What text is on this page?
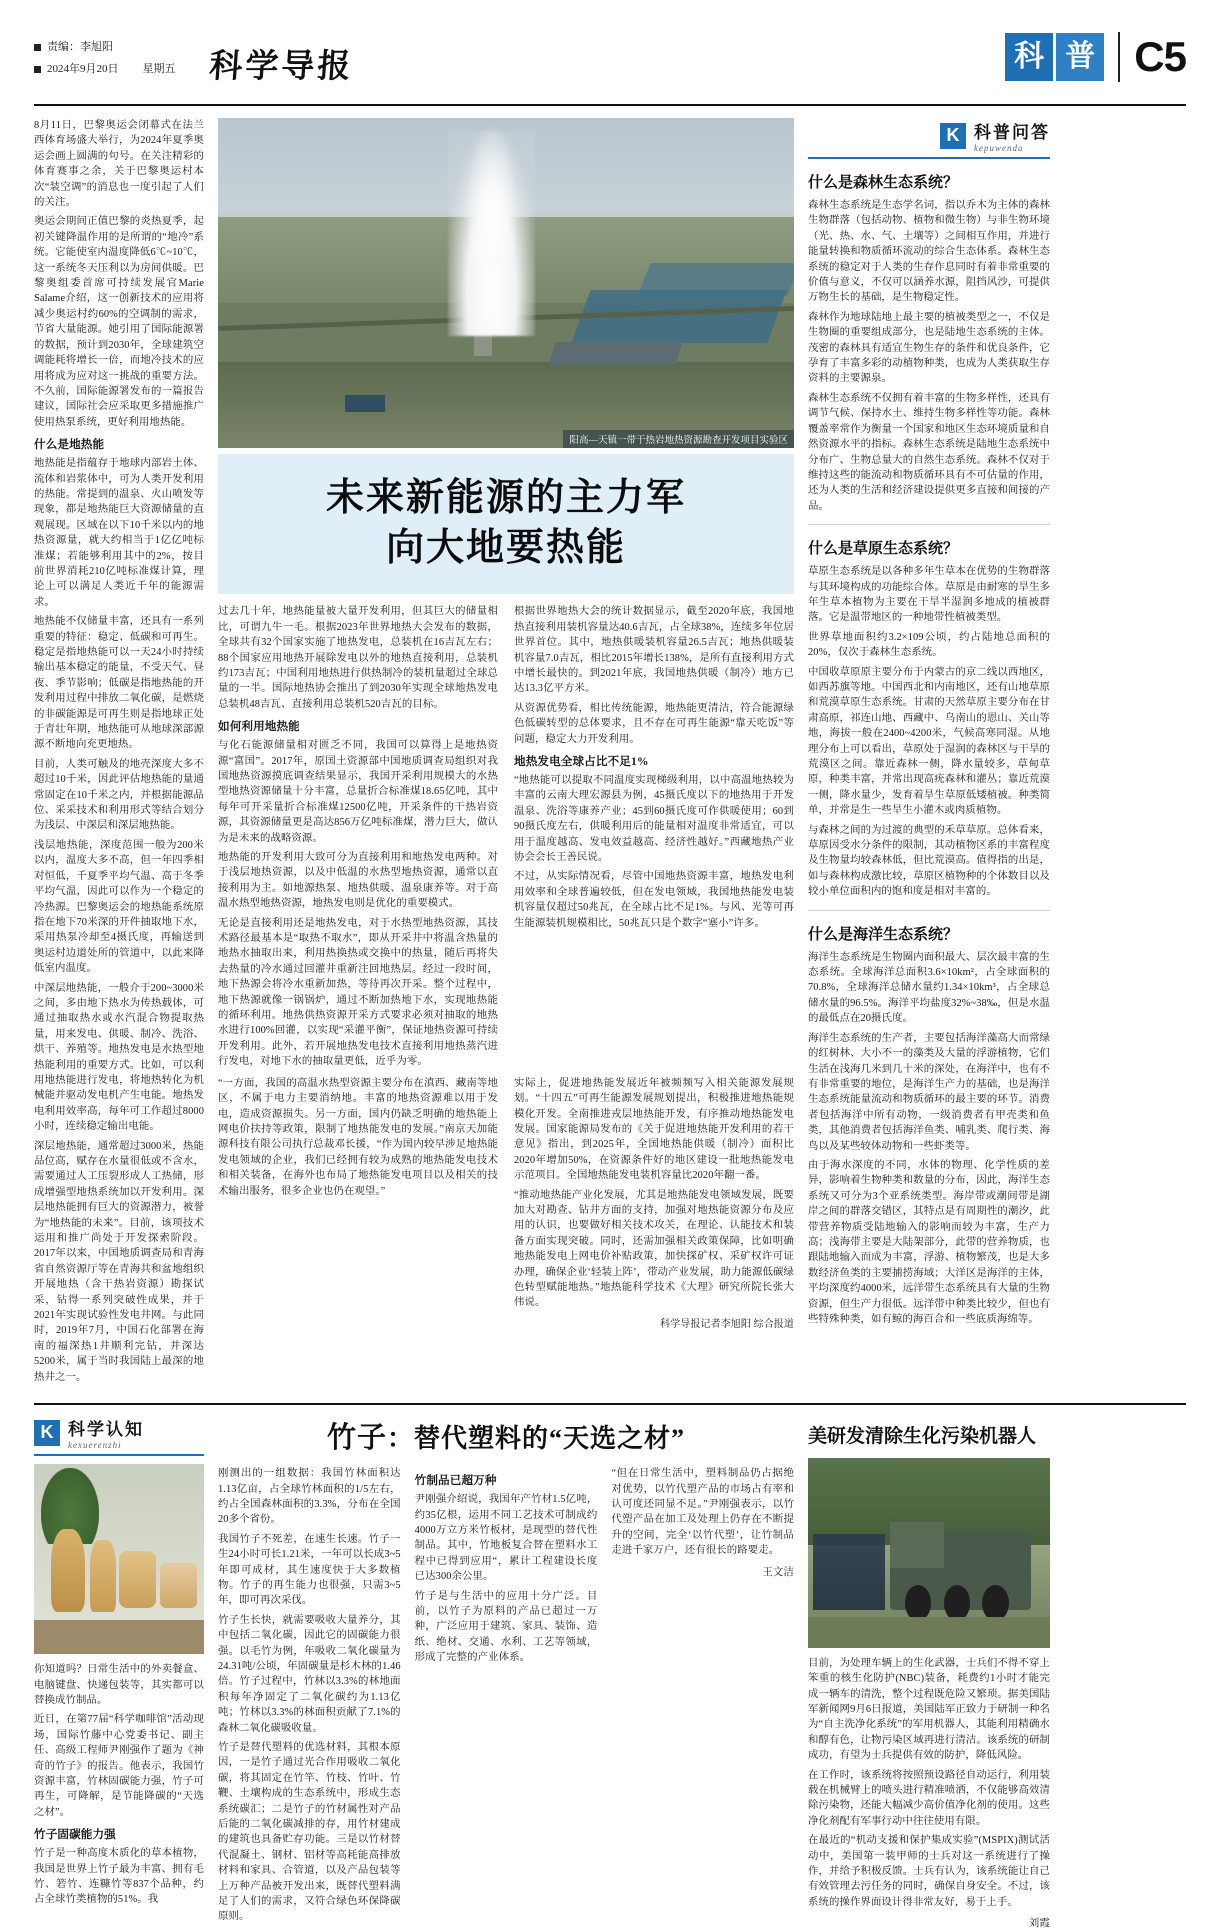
责编：李旭阳
2024年9月20日 星期五 科学导报	科 普 C5

8月11日，巴黎奥运会闭幕式在法兰西体育场盛大举行，为2024年夏季奥运会画上圆满的句号。在关注精彩的体育赛事之余，关于巴黎奥运村本次“装空调”的消息也一度引起了人们的关注。

奥运会期间正值巴黎的炎热夏季，起初关键降温作用的是所谓的“地冷”系统。它能使室内温度降低6℃~10℃，这一系统冬天压利以为房间供暖。巴黎奥组委首席可持续发展官Marie Salame介绍，这一创新技术的应用将减少奥运村约60%的空调制的需求，节省大量能源。她引用了国际能源署的数据，预计到2030年，全球建筑空调能耗将增长一倍，而地冷技术的应用将成为应对这一挑战的重要方法。不久前，国际能源署发布的一篇报告建议，国际社会应采取更多措施推广使用热泵系统，更好利用地热能。

什么是地热能

地热能是指蕴存于地球内部岩土体、流体和岩浆体中，可为人类开发利用的热能。常提到的温泉、火山喷发等现象，都是地热能巨大资源储量的直观展现。区域在以下10千米以内的地热资源量，就大约相当于1亿亿吨标准煤；若能够利用其中的2%，按目前世界消耗210亿吨标准煤计算，理论上可以满足人类近千年的能源需求。

地热能不仅储量丰富，还具有一系列重要的特征：稳定、低碳和可再生。稳定是指地热能可以一天24小时持续输出基本稳定的能量，不受天气、昼夜、季节影响；低碳是指地热能的开发利用过程中排放二氧化碳，是燃烧的非碳能源是可再生则是指地球正处于青壮年期，地热能可从地球深部源源不断地向充更地热。

目前，人类可触及的地壳深度大多不超过10千米，因此评估地热能的量通常固定在10千米之内，并根据能源品位、采采技术和利用形式等结合划分为浅层、中深层和深层地热能。

浅层地热能，深度范围一般为200米以内，温度大多不高，但一年四季相对恒低，千夏季平均气温、高于冬季平均气温，因此可以作为一个稳定的冷热源。巴黎奥运会的地热能系统原指在地下70米深的开件抽取地下水，采用热泵冷却至4摄氏度，再输送到奥运村边道处所的管道中，以此来降低室内温度。

中深层地热能，一般介于200~3000米之间，多由地下热水为传热载体，可通过抽取热水或水汽混合物提取热量，用来发电、供暖、制冷、洗浴、烘干、养殖等。地热发电是水热型地热能利用的重要方式。比如，可以利用地热能进行发电，将地热转化为机械能并驱动发电机产生电能。地热发电利用效率高，每年可工作超过8000小时，连续稳定输出电能。

深层地热能，通常超过3000米，热能品位高，赋存在水量很低或不含水，需要通过人工压裂形成人工热储，形成增强型地热系统加以开发利用。深层地热能拥有巨大的资源潜力，被誉为“地热能的未来”。目前，该项技术运用和推广尚处于开发探索阶段。2017年以来，中国地质调查局和青海省自然资源厅等在青海共和盆地组织开展地热（含干热岩资源）勘探试采，钻得一系列突破性成果，并于2021年实现试验性发电井网。与此同时，2019年7月，中国石化部署在海南的福深热1井顺利完钻，并深达5200米，属于当时我国陆上最深的地热井之一。

阳高—天镇一带干热岩地热资源勘查开发项目实验区
未来新能源的主力军
向大地要热能

过去几十年，地热能量被大量开发利用，但其巨大的储量相比，可谓九牛一毛。根据2023年世界地热大会发布的数据，全球共有32个国家实施了地热发电，总装机在16吉瓦左右；88个国家应用地热开展除发电以外的地热直接利用，总装机约173吉瓦；中国利用地热进行供热制冷的装机量超过全球总量的一半。国际地热协会推出了到2030年实现全球地热发电总装机48吉瓦、直接利用总装机520吉瓦的目标。

如何利用地热能

与化石能源储量相对匮乏不同，我国可以算得上是地热资源“富国”。2017年，原国土资源部中国地质调查局组织对我国地热资源摸底调查结果显示，我国开采利用规模大的水热型地热资源储量十分丰富，总量折合标准煤18.65亿吨，其中每年可开采量折合标准煤12500亿吨，开采条件的干热岩资源，其资源储量更是高达856万亿吨标准煤，潜力巨大，做认为是未来的战略资源。

地热能的开发利用大致可分为直接利用和地热发电两种。对于浅层地热资源，以及中低温的水热型地热资源，通常以直接利用为主。如地源热泵、地热供暖、温泉康养等。对于高温水热型地热资源，地热发电则是优化的重要模式。

无论是直接利用还是地热发电，对于水热型地热资源，其技术路径最基本是“取热不取水”，即从开采井中将温含热量的地热水抽取出来，利用热换热或交换中的热量，随后再将失去热量的冷水通过回灌井重新注回地热层。经过一段时间，地下热源会将冷水重新加热，等待再次开采。整个过程中，地下热源就像一锅锅炉，通过不断加热地下水，实现地热能的循环利用。地热供热资源开采方式要求必须对抽取的地热水进行100%回灌，以实现“采灌平衡”，保证地热资源可持续开发利用。此外，若开展地热发电技术直接利用地热蒸汽进行发电，对地下水的抽取量更低，近乎为零。

根据世界地热大会的统计数据显示，截至2020年底，我国地热直接利用装机容量达40.6吉瓦，占全球38%，连续多年位居世界首位。其中，地热供暖装机容量26.5吉瓦；地热供暖装机容量7.0吉瓦，相比2015年增长138%，是所有直接利用方式中增长最快的。到2021年底，我国地热供暖（制冷）地方已达13.3亿平方米。

从资源优势看，相比传统能源，地热能更清洁，符合能源绿色低碳转型的总体要求，且不存在可再生能源“靠天吃饭”等问题，稳定大力开发利用。

地热发电全球占比不足1%

“地热能可以提取不同温度实现梯级利用，以中高温地热较为丰富的云南大理宏源县为例，45摄氏度以下的地热用于开发温泉、洗浴等康养产业；45到60摄氏度可作供暖使用；60到90摄氏度左右，供暖利用后的能量相对温度非常适宜，可以用于温度越高、发电效益越高、经济性越好。”西藏地热产业协会会长王善民说。

不过，从实际情况看，尽管中国地热资源丰富，地热发电利用效率和全球普遍较低，但在发电领域，我国地热能发电装机容量仅超过50兆瓦，在全球占比不足1%。与风、光等可再生能源装机规模相比，50兆瓦只是个数字“塞小”许多。

“一方面，我国的高温水热型资源主要分布在滇西、藏南等地区，不属于电力主要消纳地。丰富的地热资源难以用于发电，造成资源损失。另一方面，国内仍缺乏明确的地热能上网电价扶持等政策，限制了地热能发电的发展。”南京天加能源科技有限公司执行总裁邓长援，“作为国内较早涉足地热能发电领域的企业，我们已经拥有较为成熟的地热能发电技术和相关装备，在海外也布局了地热能发电项目以及相关的技术输出服务，很多企业也仍在观望。”

实际上，促进地热能发展近年被频频写入相关能源发展规划。“十四五”可再生能源发展规划提出，积极推进地热能规模化开发。全南推进戎层地热能开发，有序推动地热能发电发展。国家能源局发布的《关于促进地热能开发利用的若干意见》指出，到2025年，全国地热能供暖（制冷）面积比2020年增加50%，在资源条件好的地区建设一批地热能发电示范项目。全国地热能发电装机容量比2020年翻一番。

“推动地热能产业化发展，尤其是地热能发电领域发展，既要加大对勘查、钻井方面的支持，加强对地热能资源分布及应用的认识，也要做好相关技术攻关，在理论、认能技术和装备方面实现突破。同时，还需加强相关政策保障，比如明确地热能发电上网电价补贴政策，加快探矿权、采矿权许可证办理，确保企业‘轻装上阵’，带动产业发展，助力能源低碳绿色转型赋能地热。”地热能科学技术《大理》研究所院长张大伟说。

科学导报记者李旭阳 综合报道
K 科普问答
kepuwenda
什么是森林生态系统？

森林生态系统是生态学名词，指以乔木为主体的森林生物群落（包括动物、植物和微生物）与非生物环境（光、热、水、气、土壤等）之间相互作用，并进行能量转换和物质循环流动的综合生态体系。森林生态系统的稳定对于人类的生存作息同时有着非常重要的价值与意义，不仅可以涵养水源，阻挡风沙，可提供万物生长的基础，是生物稳定性。

森林作为地球陆地上最主要的植被类型之一，不仅是生物圈的重要组成部分，也是陆地生态系统的主体。茂密的森林具有适宜生物生存的条件和优良条件，它孕育了丰富多彩的动植物种类，也成为人类获取生存资料的主要源泉。

森林生态系统不仅拥有着丰富的生物多样性，还具有调节气候、保持水土、维持生物多样性等功能。森林覆盖率常作为衡量一个国家和地区生态环境质量和自然资源水平的指标。森林生态系统是陆地生态系统中分布广、生物总量大的自然生态系统。森林不仅对于维持这些的能流动和物质循环具有不可估量的作用，还为人类的生活和经济建设提供更多直接和间接的产品。

什么是草原生态系统？

草原生态系统是以各种多年生草本在优势的生物群落与其环境构成的功能综合体。草原是由耐寒的旱生多年生草本植物为主要在干旱半湿润多地成的植被群落。它是温带地区的一种地带性植被类型。

世界草地面积约3.2×109公顷，约占陆地总面积的20%，仅次于森林生态系统。

中国收草原原主要分布于内蒙古的京二线以西地区，如西苏旗等地。中国西北和内南地区，还有山地草原和荒漠草原生态系统。甘肃的天然草原主要分布在甘肃高原，祁连山地、西藏中、乌南山的恩山、关山等地，海拔一般在2400~4200米，气候高寒同湿。从地理分布上可以看出，草原处于湿润的森林区与干旱的荒漠区之间。靠近森林一侧，降水量较多，草甸草原，种类丰富，并常出现高疣森林和灌丛；靠近荒漠一侧，降水量少，发育着旱生草原低矮植被。种类简单，并常是生一些旱生小灌木或肉质植物。

与森林之间的为过渡的典型的禾草草原。总体看来，草原因受水分条件的限制，其动植物区系的丰富程度及生物量均较森林低，但比荒漠高。值得指的出是，如与森林构成激比较，草原区植物种的个体数目以及较小单位面积内的饱和度是相对丰富的。

什么是海洋生态系统？

海洋生态系统是生物圈内面积最大、层次最丰富的生态系统。全球海洋总面积3.6×10km²，占全球面积的70.8%，全球海洋总储水量约1.34×10km³，占全球总储水量的96.5%。海洋平均盐度32%~38‰，但是水温的最低点在20摄氏度。

海洋生态系统的生产者，主要包括海洋藻高大而常绿的红树林、大小不一的藻类及大量的浮游植物，它们生活在浅海几米到几十米的深处，在海洋中，也有不有非常重要的地位，是海洋生产力的基础，也是海洋生态系统能量流动和物质循环的最主要的环节。消费者包括海洋中所有动物，一级消费者有甲壳类和鱼类，其他消费者包括海洋鱼类、哺乳类、爬行类、海鸟以及某些较体动物和一些虾类等。

由于海水深度的不同，水体的物理、化学性质的差异，影响着生物种类和数量的分布，因此，海洋生态系统又可分为3个亚系统类型。海岸带或潮间带是湖岸之间的群落交错区，其特点是有周期性的潮汐，此带营养物质受陆地输入的影响而较为丰富，生产力高；浅海带主要是大陆架部分，此带的营养物质，也跟陆地输入而成为丰富，浮游、植物繁茂，也是大多数经济鱼类的主要捕捞海域；大洋区是海洋的主体，平均深度约4000米，远洋带生态系统具有大量的生物资源，但生产力很低。远洋带中种类比较少，但也有些特殊种类，如有鲸的海百合和一些底质海绵等。

K 科学认知
kexuerenzhi

你知道吗？日常生活中的外卖餐盒、电脑键盘、快递包装等，其实都可以替换成竹制品。

近日，在第77届“科学咖啡馆”活动现场，国际竹藤中心党委书记、副主任、高级工程师尹刚强作了题为《神奇的竹子》的报告。他表示，我国竹资源丰富，竹林固碳能力强，竹子可再生，可降解，是节能降碳的“天选之材”。

竹子固碳能力强

竹子是一种高度木质化的草本植物，我国是世界上竹子最为丰富、拥有毛竹、箬竹、连糠竹等837个品种，约占全球竹类植物的51%。我

竹子：替代塑料的“天选之材”

刚测出的一组数据：我国竹林面积达1.13亿亩，占全球竹林面积的1/5左右，约占全国森林面积的3.3%，分布在全国20多个省份。

我国竹子不死差，在速生长速。竹子一生24小时可长1.21米，一年可以长成3~5年即可成材，其生速度快于大多数植物。竹子的再生能力也很强，只需3~5年，即可再次采伐。

竹子生长快，就需要吸收大量养分，其中包括二氧化碳，因此它的固碳能力很强。以毛竹为例，年吸收二氧化碳量为24.31吨/公顷，年固碳量是杉木林的1.46倍。竹子过程中，竹林以3.3%的林地面积每年净固定了二氧化碳约为1.13亿吨；竹林以3.3%的林面积贡献了7.1%的森林二氧化碳吸收量。

竹子是替代塑料的优选材料，其根本原因，一是竹子通过光合作用吸收二氧化碳，将其固定在竹竿、竹枝、竹叶、竹鞭、土壤构成的生态系统中，形成生态系统碳汇；二是竹子的竹材属性对产品后能的二氧化碳减排的存，用竹材建成的建筑也具备贮存功能。三是以竹材替代混凝土、钢材、铝材等高耗能高排放材料和家具、合管道，以及产品包装等上万种产品被开发出来，既替代塑料满足了人们的需求，又符合绿色环保降碳原则。

竹制品已超万种

尹刚强介绍说，我国年产竹材1.5亿吨，约35亿根，运用不同工艺技术可制成约4000万立方米竹板材，是现型的替代性制品。其中，竹地板复合替在塑料水工程中已得到应用“，累计工程建设长度已达300余公里。

竹子是与生活中的应用十分广泛。目前，以竹子为原料的产品已超过一万种，广泛应用于建筑、家具、装饰、造纸、绝材、交通、水利、工艺等领域，形成了完整的产业体系。

“但在日常生活中，塑料制品仍占据绝对优势，以竹代塑产品的市场占有率和认可度还同显不足。”尹刚强表示，以竹代塑产品在加工及处理上仍存在不断提升的空间，完全‘以竹代塑’，让竹制品走进千家万户，还有很长的路要走。

王文洁
美研发清除生化污染机器人

目前，为处理车辆上的生化武器，士兵们不得不穿上笨重的核生化防护(NBC)装备，耗费约1小时才能完成一辆车的清洗，整个过程既危险又繁琐。据美国陆军新闻网9月6日报道，美国陆军正致力于研制一种名为“自主洗净化系统”的军用机器人，其能利用精确水和醇有色，让物污染区域再进行清洁。该系统的研制成功，有望为士兵提供有效的防护，降低风险。

在工作时，该系统将按照预设路径自动运行，利用装载在机械臂上的喷头进行精准喷洒，不仅能够高效清除污染物，还能大幅减少高价值净化剂的使用。这些净化剂配有军事行动中往往使用有限。

在最近的“机动支援和保护集成实验”(MSPIX)测试活动中，美国第一装甲师的士兵对这一系统进行了操作，并给予积极反馈。士兵有认为，该系统能让自己有效管理去污任务的同时，确保自身安全。不过，该系统的操作界面设计得非常友好，易于上手。

刘霞
